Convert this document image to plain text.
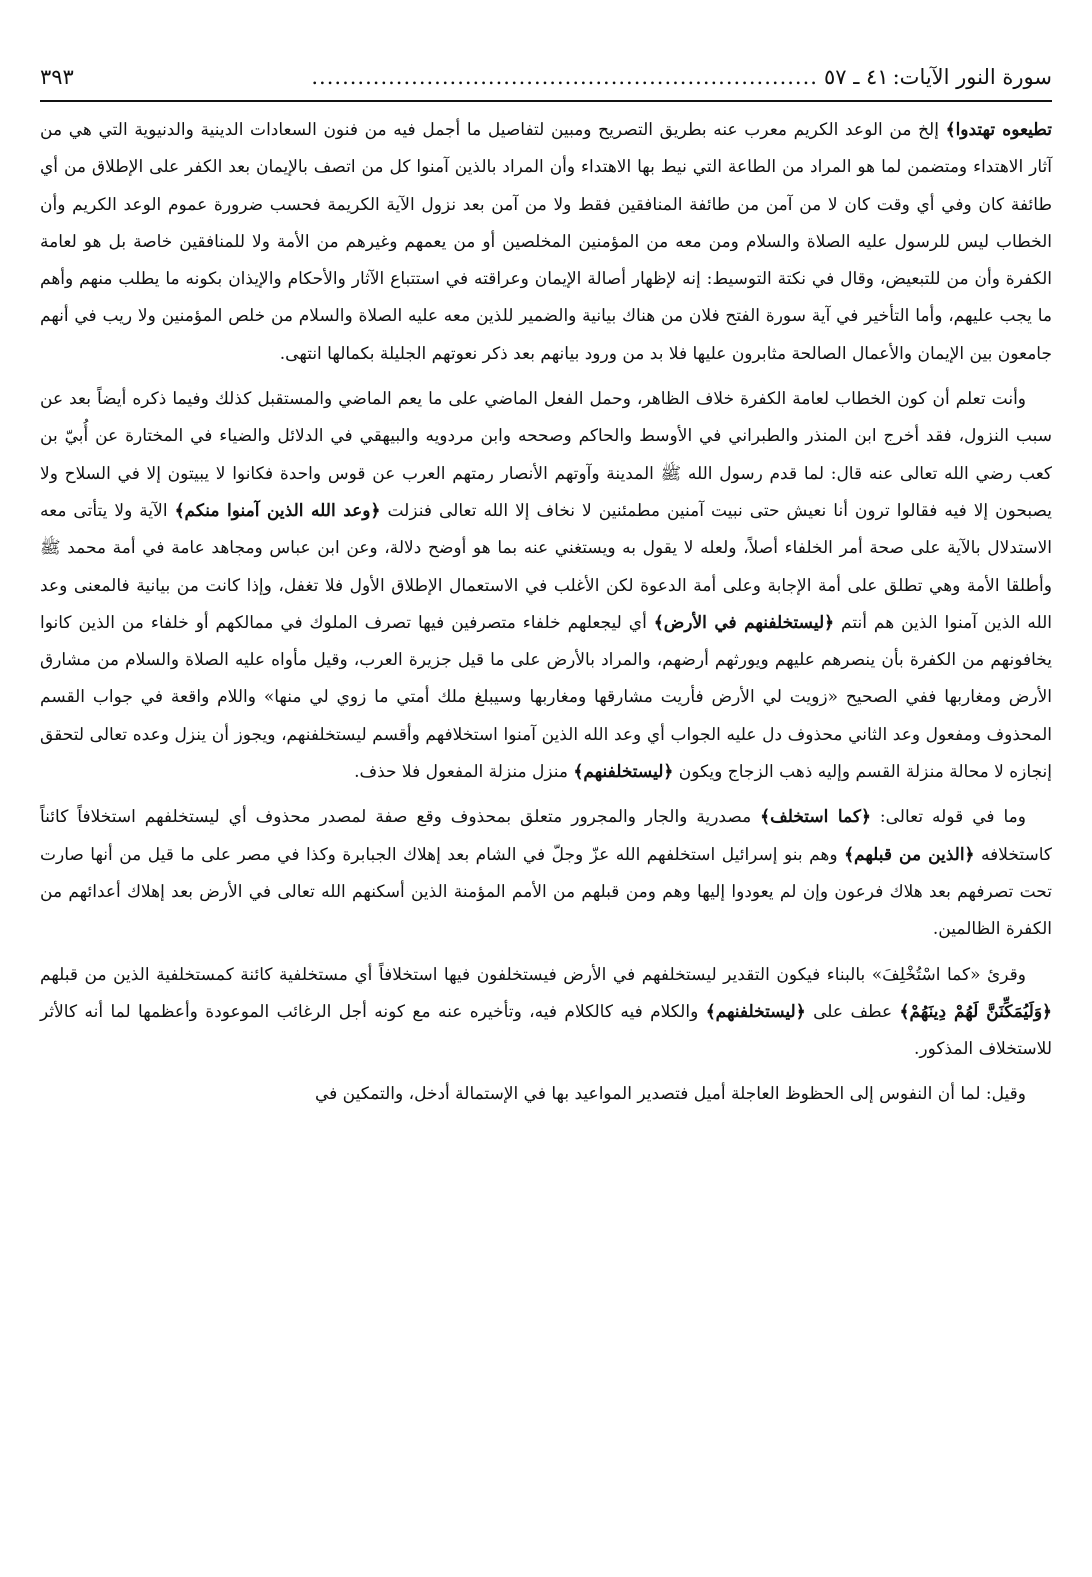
سورة النور الآيات:
٤١ ـ ٥٧
..................................................................
٣٩٣

تطيعوه تهتدوا﴾ إلخ من الوعد الكريم معرب عنه بطريق التصريح ومبين لتفاصيل ما أجمل فيه من فنون السعادات الدينية والدنيوية التي هي من آثار الاهتداء ومتضمن لما هو المراد من الطاعة التي نيط بها الاهتداء وأن المراد بالذين آمنوا كل من اتصف بالإيمان بعد الكفر على الإطلاق من أي طائفة كان وفي أي وقت كان لا من آمن من طائفة المنافقين فقط ولا من آمن بعد نزول الآية الكريمة فحسب ضرورة عموم الوعد الكريم وأن الخطاب ليس للرسول عليه الصلاة والسلام ومن معه من المؤمنين المخلصين أو من يعمهم وغيرهم من الأمة ولا للمنافقين خاصة بل هو لعامة الكفرة وأن من للتبعيض، وقال في نكتة التوسيط: إنه لإظهار أصالة الإيمان وعراقته في استتباع الآثار والأحكام والإيذان بكونه ما يطلب منهم وأهم ما يجب عليهم، وأما التأخير في آية سورة الفتح فلان من هناك بيانية والضمير للذين معه عليه الصلاة والسلام من خلص المؤمنين ولا ريب في أنهم جامعون بين الإيمان والأعمال الصالحة مثابرون عليها فلا بد من ورود بيانهم بعد ذكر نعوتهم الجليلة بكمالها انتهى.

وأنت تعلم أن كون الخطاب لعامة الكفرة خلاف الظاهر، وحمل الفعل الماضي على ما يعم الماضي والمستقبل كذلك وفيما ذكره أيضاً بعد عن سبب النزول، فقد أخرج ابن المنذر والطبراني في الأوسط والحاكم وصححه وابن مردويه والبيهقي في الدلائل والضياء في المختارة عن أُبيّ بن كعب رضي الله تعالى عنه قال: لما قدم رسول الله ﷺ المدينة وآوتهم الأنصار رمتهم العرب عن قوس واحدة فكانوا لا يبيتون إلا في السلاح ولا يصبحون إلا فيه فقالوا ترون أنا نعيش حتى نبيت آمنين مطمئنين لا نخاف إلا الله تعالى فنزلت ﴿وعد الله الذين آمنوا منكم﴾ الآية ولا يتأتى معه الاستدلال بالآية على صحة أمر الخلفاء أصلاً، ولعله لا يقول به ويستغني عنه بما هو أوضح دلالة، وعن ابن عباس ومجاهد عامة في أمة محمد ﷺ وأطلقا الأمة وهي تطلق على أمة الإجابة وعلى أمة الدعوة لكن الأغلب في الاستعمال الإطلاق الأول فلا تغفل، وإذا كانت من بيانية فالمعنى وعد الله الذين آمنوا الذين هم أنتم ﴿ليستخلفنهم في الأرض﴾ أي ليجعلهم خلفاء متصرفين فيها تصرف الملوك في ممالكهم أو خلفاء من الذين كانوا يخافونهم من الكفرة بأن ينصرهم عليهم ويورثهم أرضهم، والمراد بالأرض على ما قيل جزيرة العرب، وقيل مأواه عليه الصلاة والسلام من مشارق الأرض ومغاربها ففي الصحيح «زويت لي الأرض فأريت مشارقها ومغاربها وسيبلغ ملك أمتي ما زوي لي منها» واللام واقعة في جواب القسم المحذوف ومفعول وعد الثاني محذوف دل عليه الجواب أي وعد الله الذين آمنوا استخلافهم وأقسم ليستخلفنهم، ويجوز أن ينزل وعده تعالى لتحقق إنجازه لا محالة منزلة القسم وإليه ذهب الزجاج ويكون ﴿ليستخلفنهم﴾ منزل منزلة المفعول فلا حذف.

وما في قوله تعالى: ﴿كما استخلف﴾ مصدرية والجار والمجرور متعلق بمحذوف وقع صفة لمصدر محذوف أي ليستخلفهم استخلافاً كائناً كاستخلافه ﴿الذين من قبلهم﴾ وهم بنو إسرائيل استخلفهم الله عزّ وجلّ في الشام بعد إهلاك الجبابرة وكذا في مصر على ما قيل من أنها صارت تحت تصرفهم بعد هلاك فرعون وإن لم يعودوا إليها وهم ومن قبلهم من الأمم المؤمنة الذين أسكنهم الله تعالى في الأرض بعد إهلاك أعدائهم من الكفرة الظالمين.

وقرئ «كما اسْتُخْلِفَ» بالبناء فيكون التقدير ليستخلفهم في الأرض فيستخلفون فيها استخلافاً أي مستخلفية كائنة كمستخلفية الذين من قبلهم ﴿وَلَيُمَكِّنَنَّ لَهُمْ دِينَهُمْ﴾ عطف على ﴿ليستخلفنهم﴾ والكلام فيه كالكلام فيه، وتأخيره عنه مع كونه أجل الرغائب الموعودة وأعظمها لما أنه كالأثر للاستخلاف المذكور.

وقيل: لما أن النفوس إلى الحظوظ العاجلة أميل فتصدير المواعيد بها في الإستمالة أدخل، والتمكين في
